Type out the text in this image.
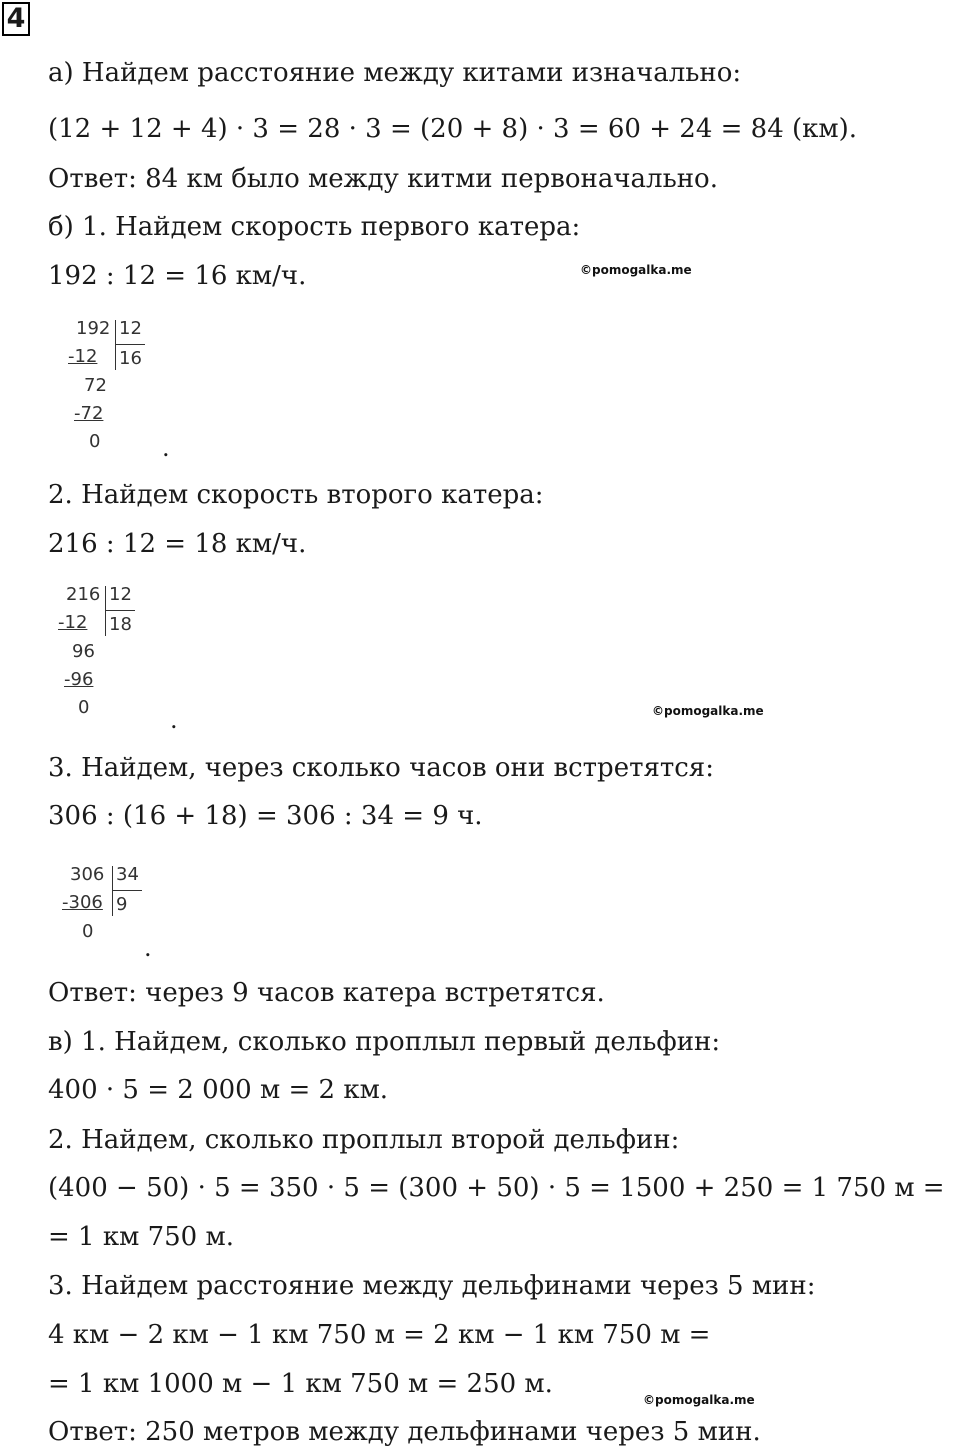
4
а) Найдем расстояние между китами изначально:
(12 + 12 + 4) · 3 = 28 · 3 = (20 + 8) · 3 = 60 + 24 = 84 (км).
Ответ: 84 км было между китми первоначально.
б) 1. Найдем скорость первого катера:
192 : 12 = 16 км/ч.	©pomogalka.me
192 12
-12 16
72
-72
0	.
2. Найдем скорость второго катера:
216 : 12 = 18 км/ч.
216 12
-12 18
96
-96
0	.	©pomogalka.me
3. Найдем, через сколько часов они встретятся:
306 : (16 + 18) = 306 : 34 = 9 ч.
306 34
-306 9
0
.
Ответ: через 9 часов катера встретятся.
в) 1. Найдем, сколько проплыл первый дельфин:
400 · 5 = 2 000 м = 2 км.
2. Найдем, сколько проплыл второй дельфин:
(400 − 50) · 5 = 350 · 5 = (300 + 50) · 5 = 1500 + 250 = 1 750 м =
= 1 км 750 м.
3. Найдем расстояние между дельфинами через 5 мин:
4 км − 2 км − 1 км 750 м = 2 км − 1 км 750 м =
= 1 км 1000 м − 1 км 750 м = 250 м.
©pomogalka.me
Ответ: 250 метров между дельфинами через 5 мин.
